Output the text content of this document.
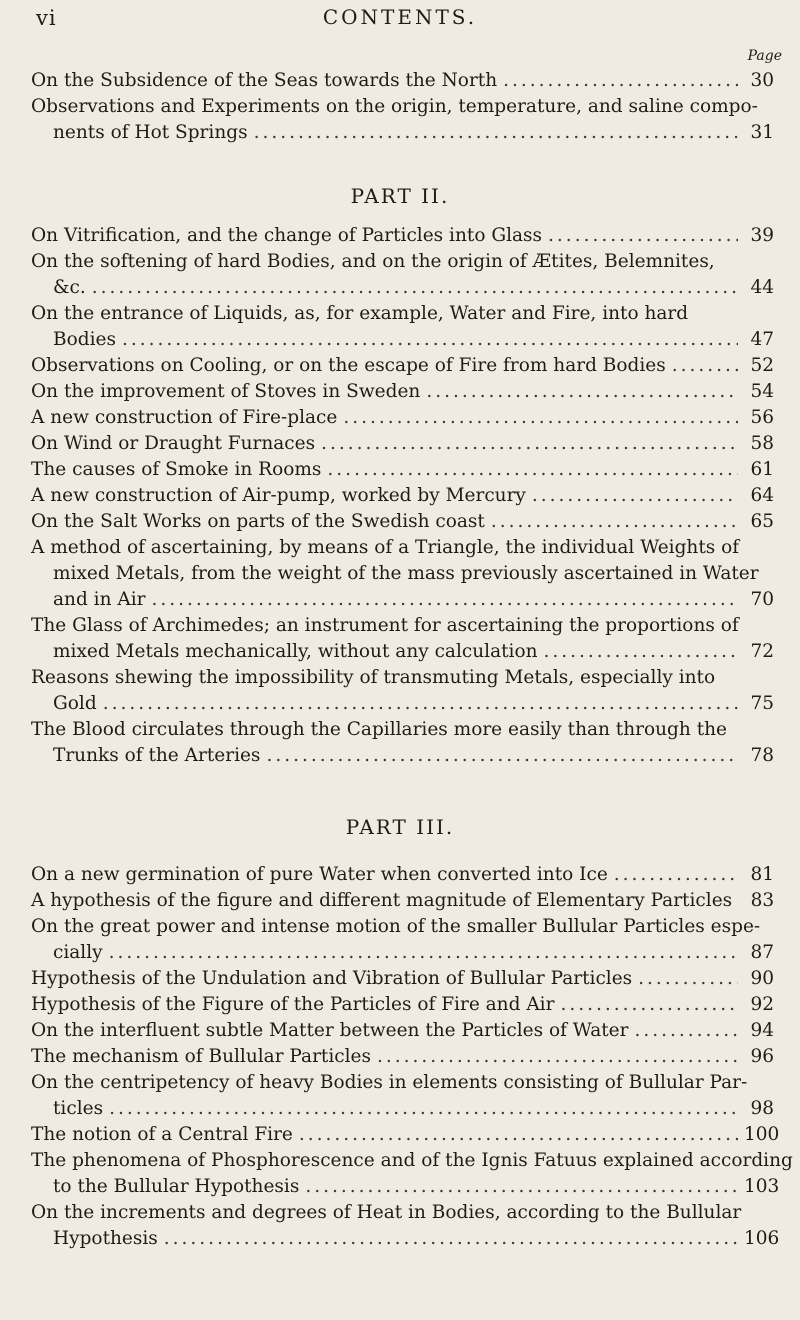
vi	CONTENTS.
Page
On the Subsidence of the Seas towards the North .....	30
Observations and Experiments on the origin, temperature, and saline compo-
nents of Hot Springs .....	31
PART II.
On Vitrification, and the change of Particles into Glass .....	39
On the softening of hard Bodies, and on the origin of Ætites, Belemnites,
&c. .....	44
On the entrance of Liquids, as, for example, Water and Fire, into hard
Bodies .....	47
Observations on Cooling, or on the escape of Fire from hard Bodies .....	52
On the improvement of Stoves in Sweden .....	54
A new construction of Fire-place .....	56
On Wind or Draught Furnaces .....	58
The causes of Smoke in Rooms .....	61
A new construction of Air-pump, worked by Mercury .....	64
On the Salt Works on parts of the Swedish coast .....	65
A method of ascertaining, by means of a Triangle, the individual Weights of
mixed Metals, from the weight of the mass previously ascertained in Water
and in Air .....	70
The Glass of Archimedes; an instrument for ascertaining the proportions of
mixed Metals mechanically, without any calculation .....	72
Reasons shewing the impossibility of transmuting Metals, especially into
Gold .....	75
The Blood circulates through the Capillaries more easily than through the
Trunks of the Arteries .....	78
PART III.
On a new germination of pure Water when converted into Ice .....	81
A hypothesis of the figure and different magnitude of Elementary Particles 83
On the great power and intense motion of the smaller Bullular Particles espe-
cially .....	87
Hypothesis of the Undulation and Vibration of Bullular Particles .....	90
Hypothesis of the Figure of the Particles of Fire and Air .....	92
On the interfluent subtle Matter between the Particles of Water .....	94
The mechanism of Bullular Particles .....	96
On the centripetency of heavy Bodies in elements consisting of Bullular Par-
ticles .....	98
The notion of a Central Fire .....	100
The phenomena of Phosphorescence and of the Ignis Fatuus explained according
to the Bullular Hypothesis .....	103
On the increments and degrees of Heat in Bodies, according to the Bullular
Hypothesis .....	106
